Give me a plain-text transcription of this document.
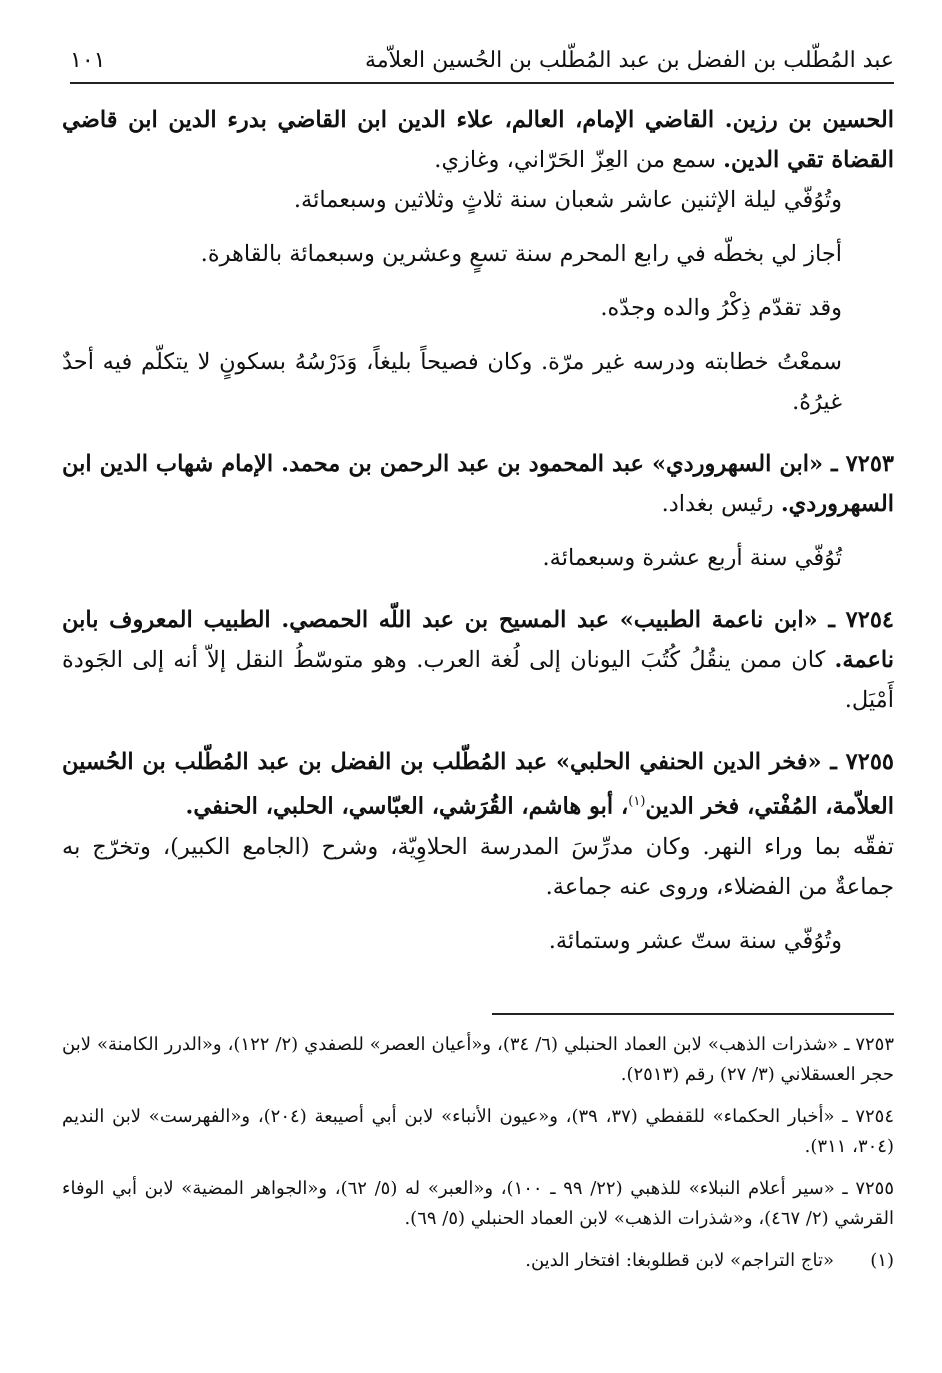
عبد المُطّلب بن الفضل بن عبد المُطّلب بن الحُسين العلاّمة
١٠١

الحسين بن رزين. القاضي الإمام، العالم، علاء الدين ابن القاضي بدرء الدين ابن قاضي القضاة تقي الدين. سمع من العِزّ الحَرّاني، وغازي.

وتُوُفّي ليلة الإثنين عاشر شعبان سنة ثلاثٍ وثلاثين وسبعمائة.

أجاز لي بخطّه في رابع المحرم سنة تسعٍ وعشرين وسبعمائة بالقاهرة.

وقد تقدّم ذِكْرُ والده وجدّه.

سمعْتُ خطابته ودرسه غير مرّة. وكان فصيحاً بليغاً، وَدَرْسُهُ بسكونٍ لا يتكلّم فيه أحدٌ غيرُهُ.

٧٢٥٣ ـ «ابن السهروردي» عبد المحمود بن عبد الرحمن بن محمد. الإمام شهاب الدين ابن السهروردي. رئيس بغداد.

تُوُفّي سنة أربع عشرة وسبعمائة.

٧٢٥٤ ـ «ابن ناعمة الطبيب» عبد المسيح بن عبد اللّه الحمصي. الطبيب المعروف بابن ناعمة. كان ممن ينقُلُ كُتُبَ اليونان إلى لُغة العرب. وهو متوسّطُ النقل إلاّ أنه إلى الجَودة أَمْيَل.

٧٢٥٥ ـ «فخر الدين الحنفي الحلبي» عبد المُطّلب بن الفضل بن عبد المُطّلب بن الحُسين العلاّمة، المُفْتي، فخر الدين$^{(١)}$، أبو هاشم، القُرَشي، العبّاسي، الحلبي، الحنفي.

تفقّه بما وراء النهر. وكان مدرِّسَ المدرسة الحلاوِيّة، وشرح (الجامع الكبير)، وتخرّج به جماعةٌ من الفضلاء، وروى عنه جماعة.

وتُوُفّي سنة ستّ عشر وستمائة.

٧٢٥٣ ـ «شذرات الذهب» لابن العماد الحنبلي (٦/ ٣٤)، و«أعيان العصر» للصفدي (٢/ ١٢٢)، و«الدرر الكامنة» لابن حجر العسقلاني (٣/ ٢٧) رقم (٢٥١٣).

٧٢٥٤ ـ «أخبار الحكماء» للقفطي (٣٧، ٣٩)، و«عيون الأنباء» لابن أبي أصيبعة (٢٠٤)، و«الفهرست» لابن النديم (٣٠٤، ٣١١).

٧٢٥٥ ـ «سير أعلام النبلاء» للذهبي (٢٢/ ٩٩ ـ ١٠٠)، و«العبر» له (٥/ ٦٢)، و«الجواهر المضية» لابن أبي الوفاء القرشي (٢/ ٤٦٧)، و«شذرات الذهب» لابن العماد الحنبلي (٥/ ٦٩).

(١)«تاج التراجم» لابن قطلوبغا: افتخار الدين.
